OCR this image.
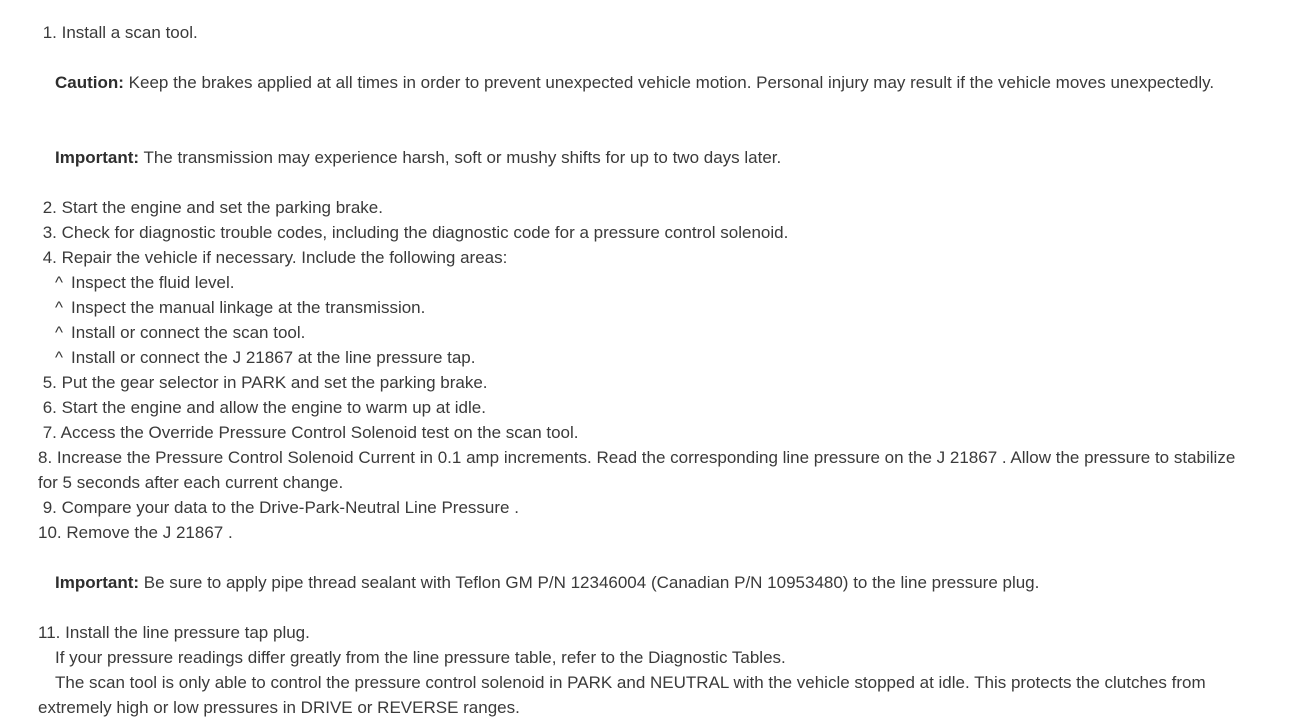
1. Install a scan tool.
Caution: Keep the brakes applied at all times in order to prevent unexpected vehicle motion. Personal injury may result if the vehicle moves unexpectedly.
Important: The transmission may experience harsh, soft or mushy shifts for up to two days later.
2. Start the engine and set the parking brake.
3. Check for diagnostic trouble codes, including the diagnostic code for a pressure control solenoid.
4. Repair the vehicle if necessary. Include the following areas:
^ Inspect the fluid level.
^ Inspect the manual linkage at the transmission.
^ Install or connect the scan tool.
^ Install or connect the J 21867 at the line pressure tap.
5. Put the gear selector in PARK and set the parking brake.
6. Start the engine and allow the engine to warm up at idle.
7. Access the Override Pressure Control Solenoid test on the scan tool.
8. Increase the Pressure Control Solenoid Current in 0.1 amp increments. Read the corresponding line pressure on the J 21867 . Allow the pressure to stabilize for 5 seconds after each current change.
9. Compare your data to the Drive-Park-Neutral Line Pressure .
10. Remove the J 21867 .
Important: Be sure to apply pipe thread sealant with Teflon GM P/N 12346004 (Canadian P/N 10953480) to the line pressure plug.
11. Install the line pressure tap plug.
If your pressure readings differ greatly from the line pressure table, refer to the Diagnostic Tables.
The scan tool is only able to control the pressure control solenoid in PARK and NEUTRAL with the vehicle stopped at idle. This protects the clutches from extremely high or low pressures in DRIVE or REVERSE ranges.
